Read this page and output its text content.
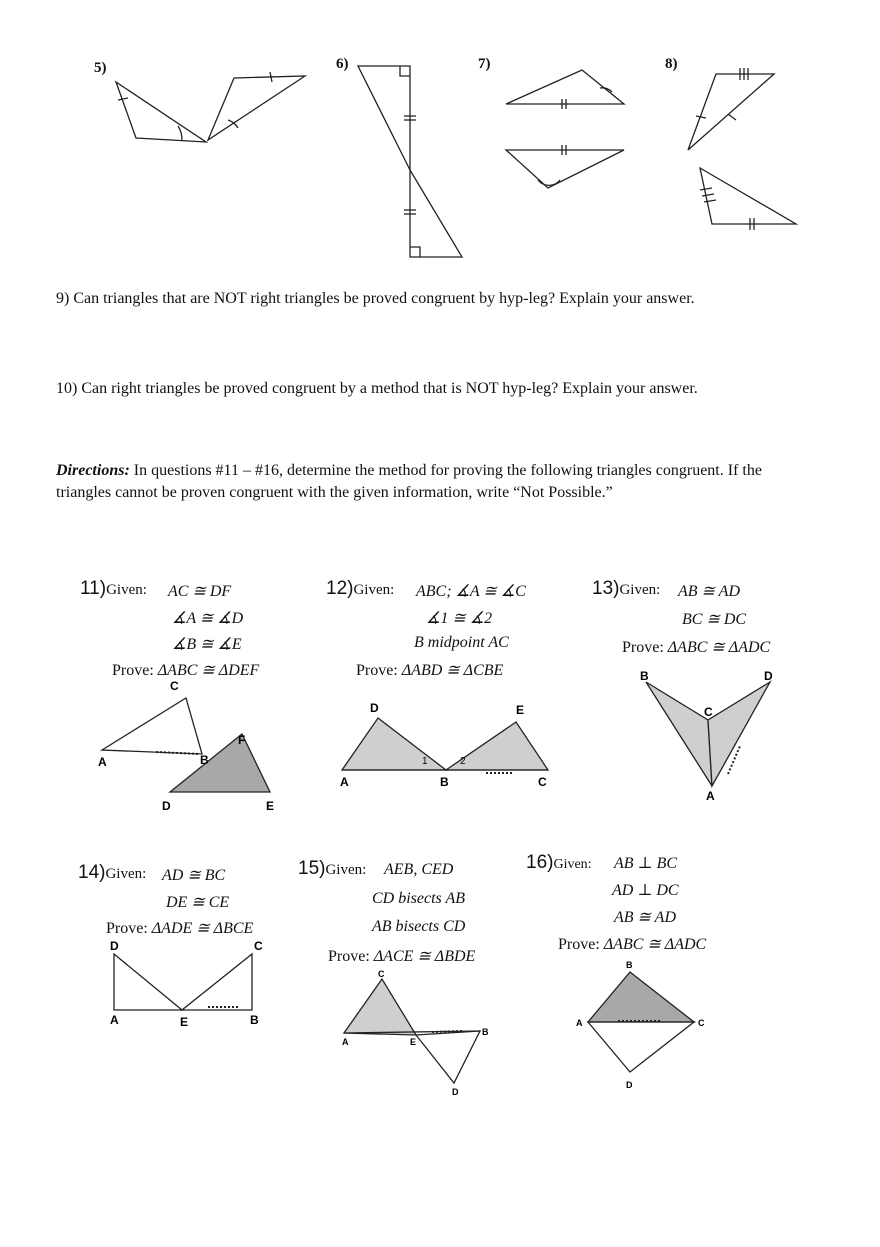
5)	6)	7)	8)
9) Can triangles that are NOT right triangles be proved congruent by hyp-leg? Explain your answer.
10) Can right triangles be proved congruent by a method that is NOT hyp-leg? Explain your answer.
Directions: In questions #11 – #16, determine the method for proving the following triangles congruent. If the triangles cannot be proven congruent with the given information, write “Not Possible.”
11)Given: AC ≅ DF
∡A ≅ ∡D
∡B ≅ ∡E
Prove: ΔABC ≅ ΔDEF
C
A	B
F
D	E
12)Given: ABC; ∡A ≅ ∡C
∡1 ≅ ∡2
B midpoint AC
Prove: ΔABD ≅ ΔCBE
D	E
A	B	C
1	2
13)Given: AB ≅ AD
BC ≅ DC
Prove: ΔABC ≅ ΔADC
B	D
C
A
14)Given: AD ≅ BC
DE ≅ CE
Prove: ΔADE ≅ ΔBCE
D	C
A	E	B
15)Given: AEB, CED
CD bisects AB
AB bisects CD
Prove: ΔACE ≅ ΔBDE
C
A	E
B
D
16)Given: AB ⊥ BC
AD ⊥ DC
AB ≅ AD
Prove: ΔABC ≅ ΔADC
B
A	C
D
